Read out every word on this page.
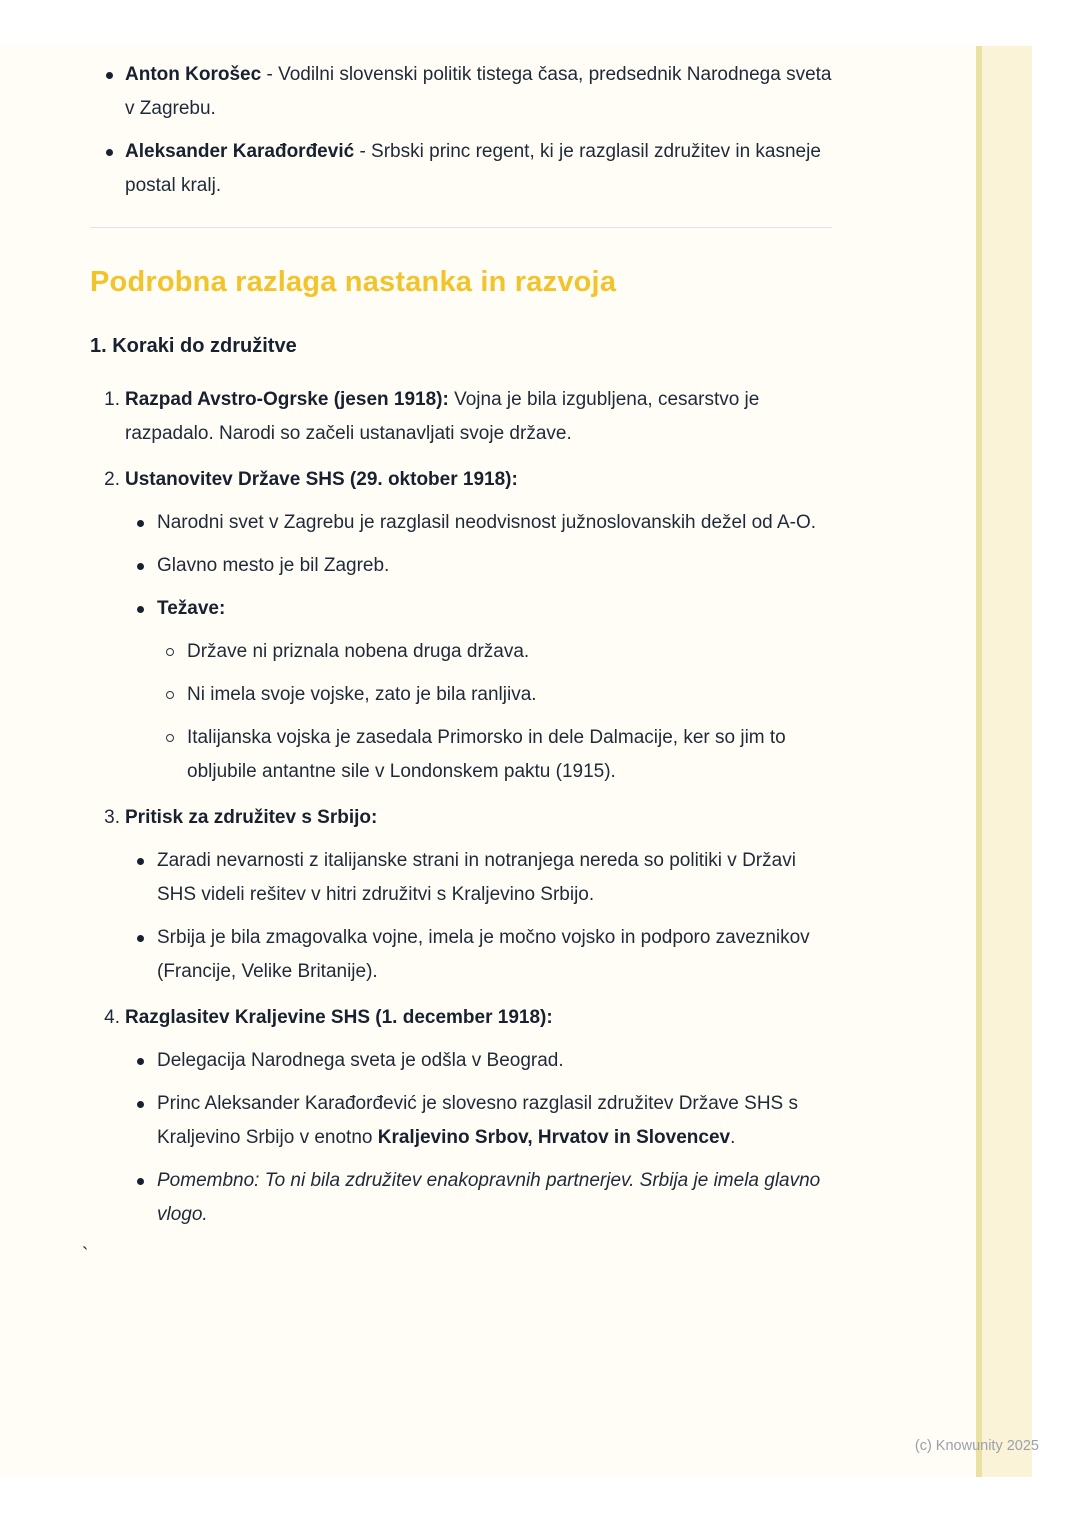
Anton Korošec - Vodilni slovenski politik tistega časa, predsednik Narodnega sveta v Zagrebu.

Aleksander Karađorđević - Srbski princ regent, ki je razglasil združitev in kasneje postal kralj.

Podrobna razlaga nastanka in razvoja
1. Koraki do združitve
1. Razpad Avstro-Ogrske (jesen 1918): Vojna je bila izgubljena, cesarstvo je razpadalo. Narodi so začeli ustanavljati svoje države.

2. Ustanovitev Države SHS (29. oktober 1918):

Narodni svet v Zagrebu je razglasil neodvisnost južnoslovanskih dežel od A-O.

Glavno mesto je bil Zagreb.

Težave:

Države ni priznala nobena druga država.

Ni imela svoje vojske, zato je bila ranljiva.

Italijanska vojska je zasedala Primorsko in dele Dalmacije, ker so jim to obljubile antantne sile v Londonskem paktu (1915).

3. Pritisk za združitev s Srbijo:

Zaradi nevarnosti z italijanske strani in notranjega nereda so politiki v Državi SHS videli rešitev v hitri združitvi s Kraljevino Srbijo.

Srbija je bila zmagovalka vojne, imela je močno vojsko in podporo zaveznikov (Francije, Velike Britanije).

4. Razglasitev Kraljevine SHS (1. december 1918):

Delegacija Narodnega sveta je odšla v Beograd.

Princ Aleksander Karađorđević je slovesno razglasil združitev Države SHS s Kraljevino Srbijo v enotno Kraljevino Srbov, Hrvatov in Slovencev.

Pomembno: To ni bila združitev enakopravnih partnerjev. Srbija je imela glavno vlogo.

`
(c) Knowunity 2025
